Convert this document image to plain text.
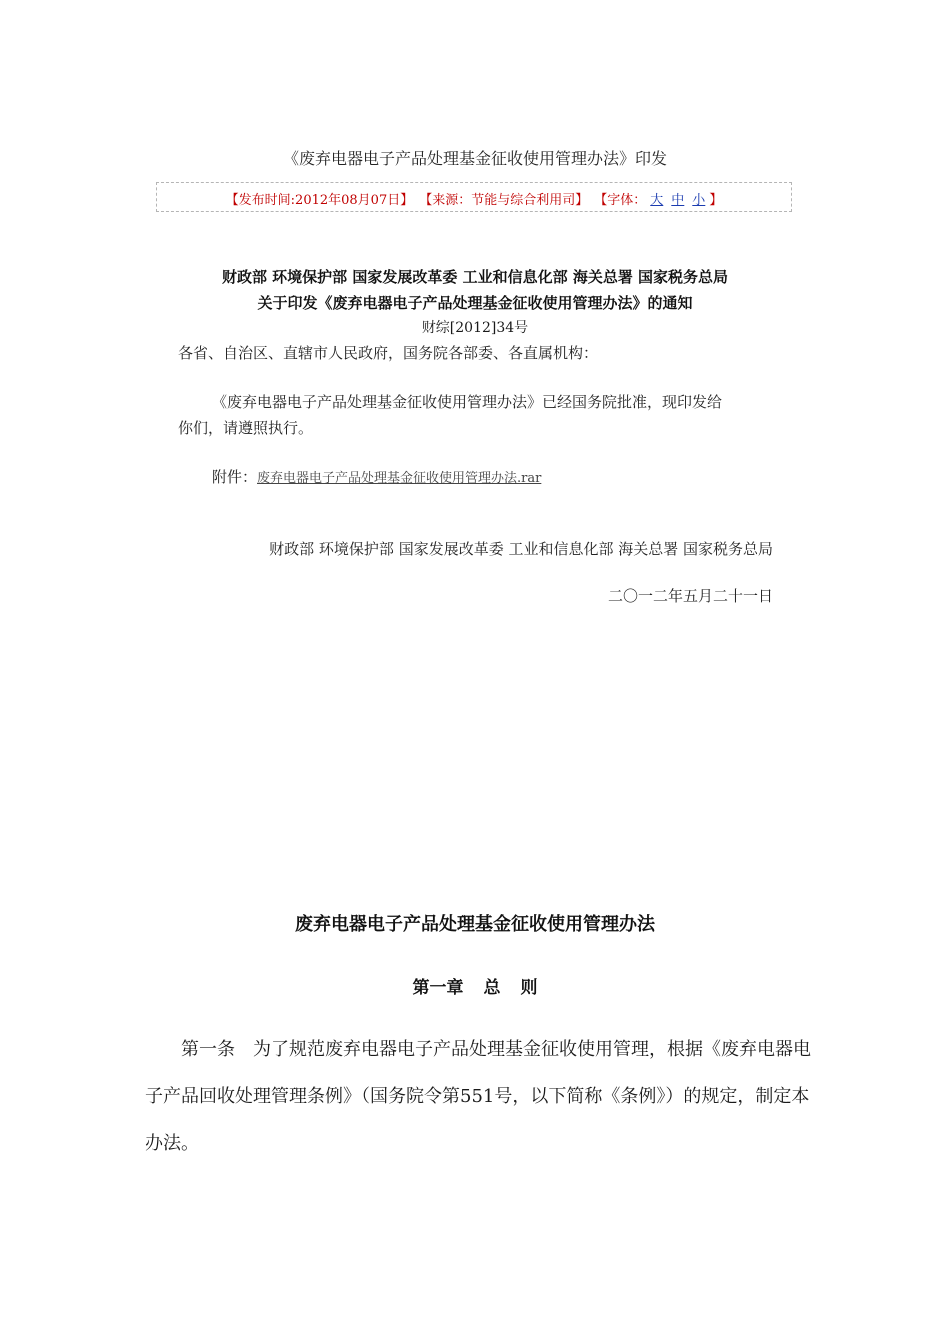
《废弃电器电子产品处理基金征收使用管理办法》印发
【发布时间:2012年08月07日】 【来源：节能与综合利用司】 【字体： 大 中 小 】
财政部 环境保护部 国家发展改革委 工业和信息化部 海关总署 国家税务总局
关于印发《废弃电器电子产品处理基金征收使用管理办法》的通知
财综[2012]34号
各省、自治区、直辖市人民政府，国务院各部委、各直属机构：
《废弃电器电子产品处理基金征收使用管理办法》已经国务院批准，现印发给
你们，请遵照执行。
附件：废弃电器电子产品处理基金征收使用管理办法.rar
财政部 环境保护部 国家发展改革委 工业和信息化部 海关总署 国家税务总局
二〇一二年五月二十一日
废弃电器电子产品处理基金征收使用管理办法
第一章 总 则
第一条 为了规范废弃电器电子产品处理基金征收使用管理，根据《废弃电器电子产品回收处理管理条例》（国务院令第551号，以下简称《条例》）的规定，制定本办法。
